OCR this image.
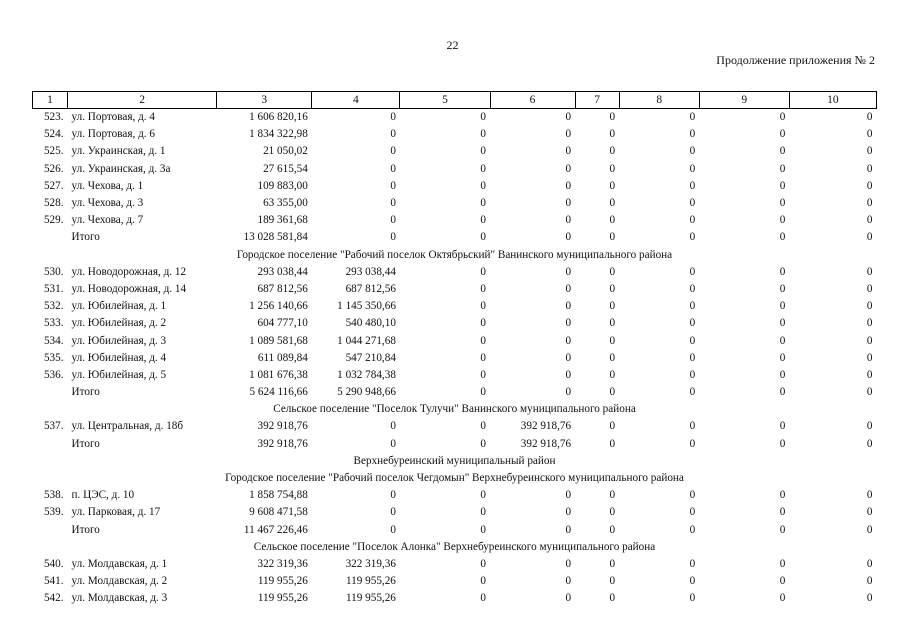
22
Продолжение приложения № 2
1	2	3	4	5	6	7	8	9	10
523.	ул. Портовая, д. 4	1 606 820,16	0	0	0	0	0	0	0
524.	ул. Портовая, д. 6	1 834 322,98	0	0	0	0	0	0	0
525.	ул. Украинская, д. 1	21 050,02	0	0	0	0	0	0	0
526.	ул. Украинская, д. 3а	27 615,54	0	0	0	0	0	0	0
527.	ул. Чехова, д. 1	109 883,00	0	0	0	0	0	0	0
528.	ул. Чехова, д. 3	63 355,00	0	0	0	0	0	0	0
529.	ул. Чехова, д. 7	189 361,68	0	0	0	0	0	0	0
	Итого	13 028 581,84	0	0	0	0	0	0	0
Городское поселение "Рабочий поселок Октябрьский" Ванинского муниципального района									
530.	ул. Новодорожная, д. 12	293 038,44	293 038,44	0	0	0	0	0	0
531.	ул. Новодорожная, д. 14	687 812,56	687 812,56	0	0	0	0	0	0
532.	ул. Юбилейная, д. 1	1 256 140,66	1 145 350,66	0	0	0	0	0	0
533.	ул. Юбилейная, д. 2	604 777,10	540 480,10	0	0	0	0	0	0
534.	ул. Юбилейная, д. 3	1 089 581,68	1 044 271,68	0	0	0	0	0	0
535.	ул. Юбилейная, д. 4	611 089,84	547 210,84	0	0	0	0	0	0
536.	ул. Юбилейная, д. 5	1 081 676,38	1 032 784,38	0	0	0	0	0	0
	Итого	5 624 116,66	5 290 948,66	0	0	0	0	0	0
Сельское поселение "Поселок Тулучи" Ванинского муниципального района									
537.	ул. Центральная, д. 18б	392 918,76	0	0	392 918,76	0	0	0	0
	Итого	392 918,76	0	0	392 918,76	0	0	0	0
Верхнебуреинский муниципальный район									
Городское поселение "Рабочий поселок Чегдомын" Верхнебуреинского муниципального района									
538.	п. ЦЭС, д. 10	1 858 754,88	0	0	0	0	0	0	0
539.	ул. Парковая, д. 17	9 608 471,58	0	0	0	0	0	0	0
	Итого	11 467 226,46	0	0	0	0	0	0	0
Сельское поселение "Поселок Алонка" Верхнебуреинского муниципального района									
540.	ул. Молдавская, д. 1	322 319,36	322 319,36	0	0	0	0	0	0
541.	ул. Молдавская, д. 2	119 955,26	119 955,26	0	0	0	0	0	0
542.	ул. Молдавская, д. 3	119 955,26	119 955,26	0	0	0	0	0	0
